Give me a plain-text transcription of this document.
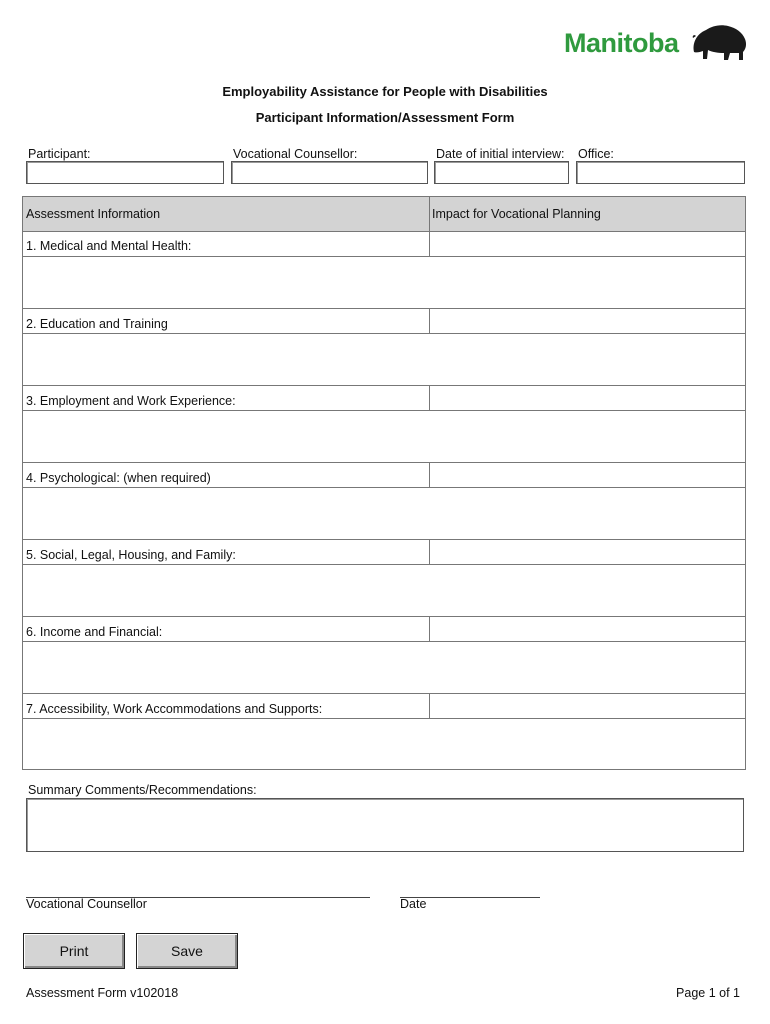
Manitoba
Employability Assistance for People with Disabilities
Participant Information/Assessment Form
Participant:	Vocational Counsellor:	Date of initial interview: Office:
Assessment Information	Impact for Vocational Planning
1. Medical and Mental Health:
2. Education and Training
3. Employment and Work Experience:
4. Psychological: (when required)
5. Social, Legal, Housing, and Family:
6. Income and Financial:
7. Accessibility, Work Accommodations and Supports:
Summary Comments/Recommendations:
Vocational Counsellor	Date
Print	Save
Assessment Form v102018	Page 1 of 1
